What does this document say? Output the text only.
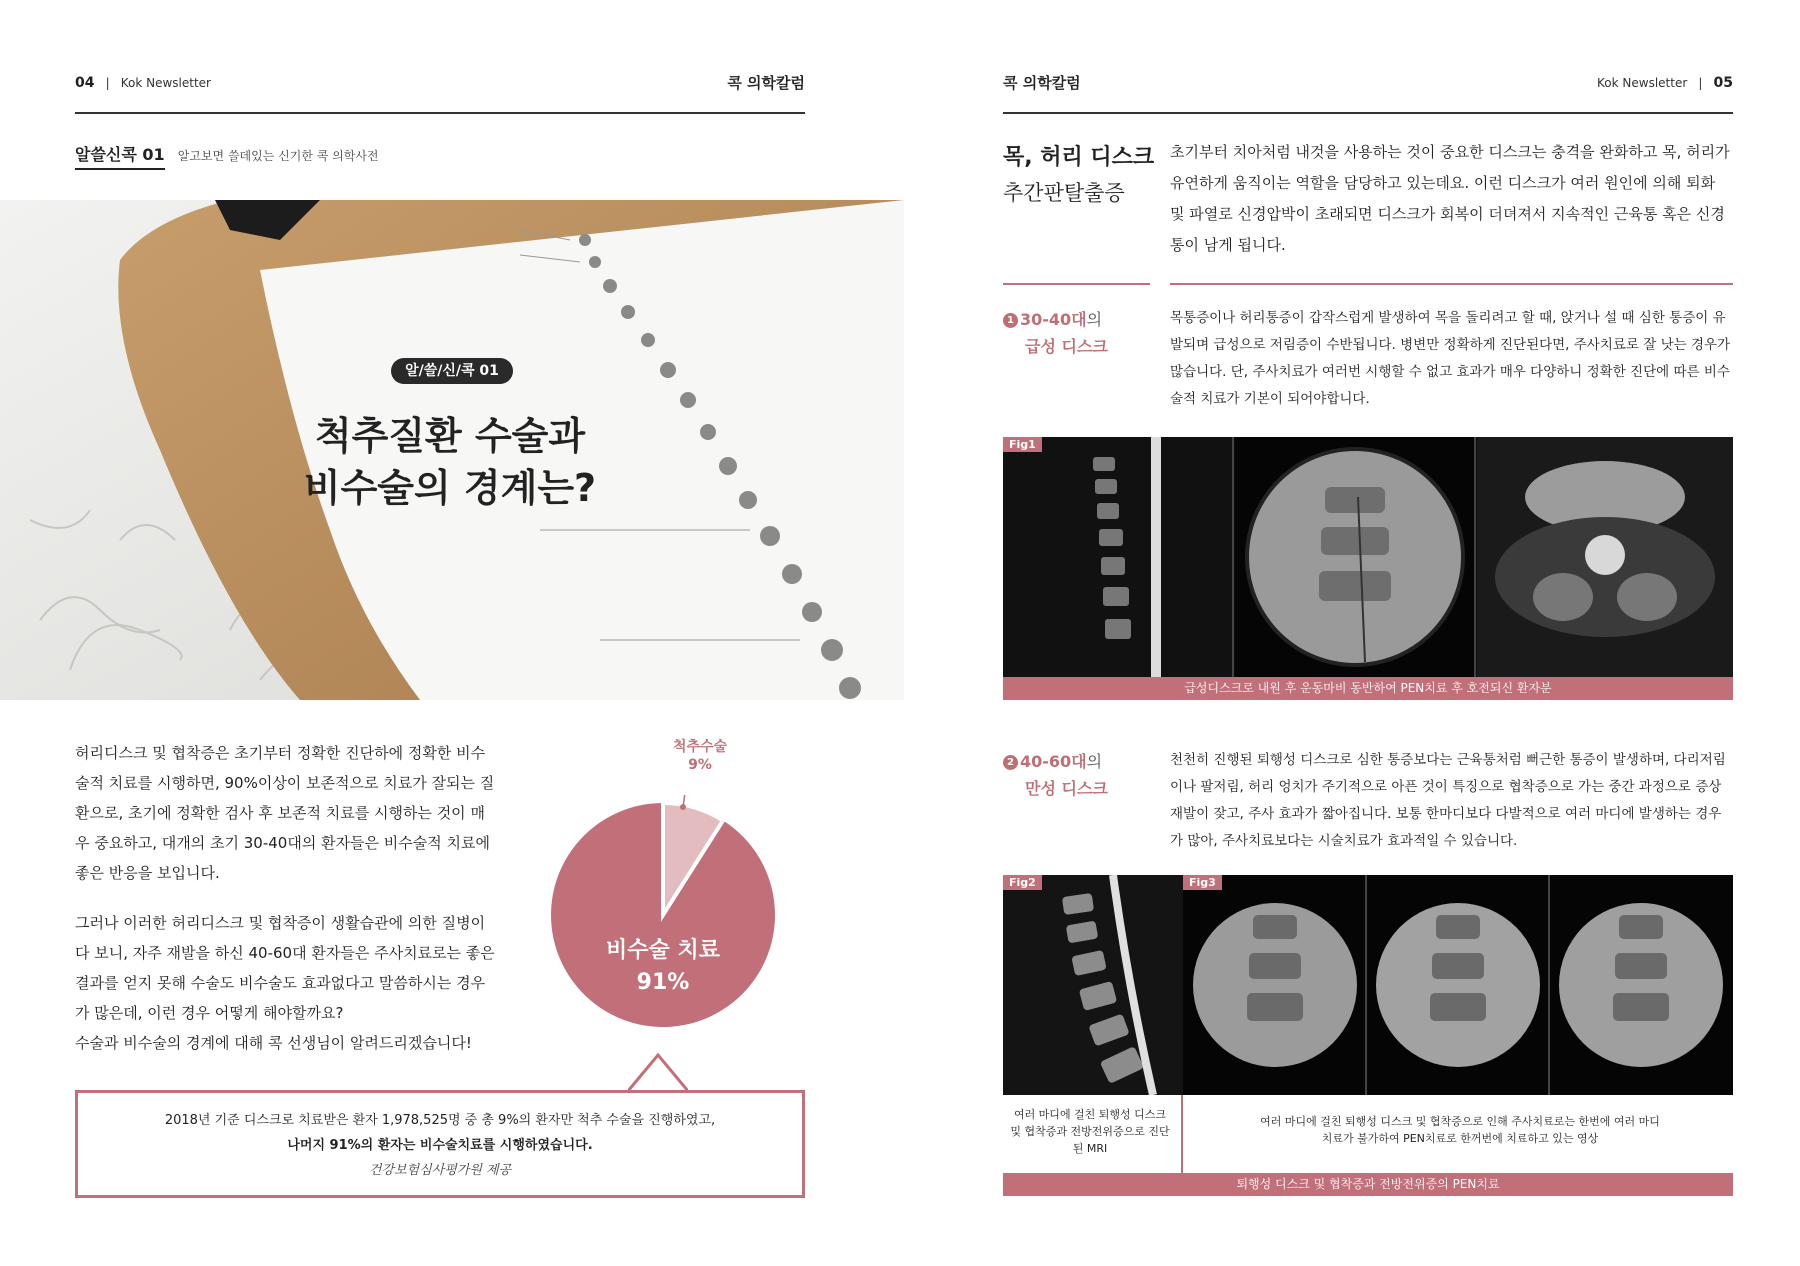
04 | Kok Newsletter	콕 의학칼럼
알쓸신콕 01 알고보면 쓸데있는 신기한 콕 의학사전
알/쓸/신/콕 01
척추질환 수술과
비수술의 경계는?
허리디스크 및 협착증은 초기부터 정확한 진단하에 정확한 비수술적 치료를 시행하면, 90%이상이 보존적으로 치료가 잘되는 질환으로, 초기에 정확한 검사 후 보존적 치료를 시행하는 것이 매우 중요하고, 대개의 초기 30-40대의 환자들은 비수술적 치료에 좋은 반응을 보입니다.
그러나 이러한 허리디스크 및 협착증이 생활습관에 의한 질병이다 보니, 자주 재발을 하신 40-60대 환자들은 주사치료로는 좋은 결과를 얻지 못해 수술도 비수술도 효과없다고 말씀하시는 경우가 많은데, 이런 경우 어떻게 해야할까요?
수술과 비수술의 경계에 대해 콕 선생님이 알려드리겠습니다!
척추수술
9%
비수술 치료
91%
2018년 기준 디스크로 치료받은 환자 1,978,525명 중 총 9%의 환자만 척추 수술을 진행하였고,
나머지 91%의 환자는 비수술치료를 시행하였습니다.
건강보험심사평가원 제공
콕 의학칼럼	Kok Newsletter | 05
목, 허리 디스크
추간판탈출증
초기부터 치아처럼 내것을 사용하는 것이 중요한 디스크는 충격을 완화하고 목, 허리가 유연하게 움직이는 역할을 담당하고 있는데요. 이런 디스크가 여러 원인에 의해 퇴화 및 파열로 신경압박이 초래되면 디스크가 회복이 더뎌져서 지속적인 근육통 혹은 신경통이 남게 됩니다.
1 30-40대의
급성 디스크
목통증이나 허리통증이 갑작스럽게 발생하여 목을 돌리려고 할 때, 앉거나 설 때 심한 통증이 유발되며 급성으로 저림증이 수반됩니다. 병변만 정확하게 진단된다면, 주사치료로 잘 낫는 경우가 많습니다. 단, 주사치료가 여러번 시행할 수 없고 효과가 매우 다양하니 정확한 진단에 따른 비수술적 치료가 기본이 되어야합니다.
Fig1
급성디스크로 내원 후 운동마비 동반하여 PEN치료 후 호전되신 환자분
2 40-60대의
만성 디스크
천천히 진행된 퇴행성 디스크로 심한 통증보다는 근육통처럼 뻐근한 통증이 발생하며, 다리저림이나 팔저림, 허리 엉치가 주기적으로 아픈 것이 특징으로 협착증으로 가는 중간 과정으로 증상 재발이 잦고, 주사 효과가 짧아집니다. 보통 한마디보다 다발적으로 여러 마디에 발생하는 경우가 많아, 주사치료보다는 시술치료가 효과적일 수 있습니다.
Fig2	Fig3
여러 마디에 걸친 퇴행성 디스크 및 협착증과 전방전위증으로 진단된 MRI
여러 마디에 걸친 퇴행성 디스크 및 협착증으로 인해 주사치료로는 한번에 여러 마디 치료가 불가하여 PEN치료로 한꺼번에 치료하고 있는 영상
퇴행성 디스크 및 협착증과 전방전위증의 PEN치료
